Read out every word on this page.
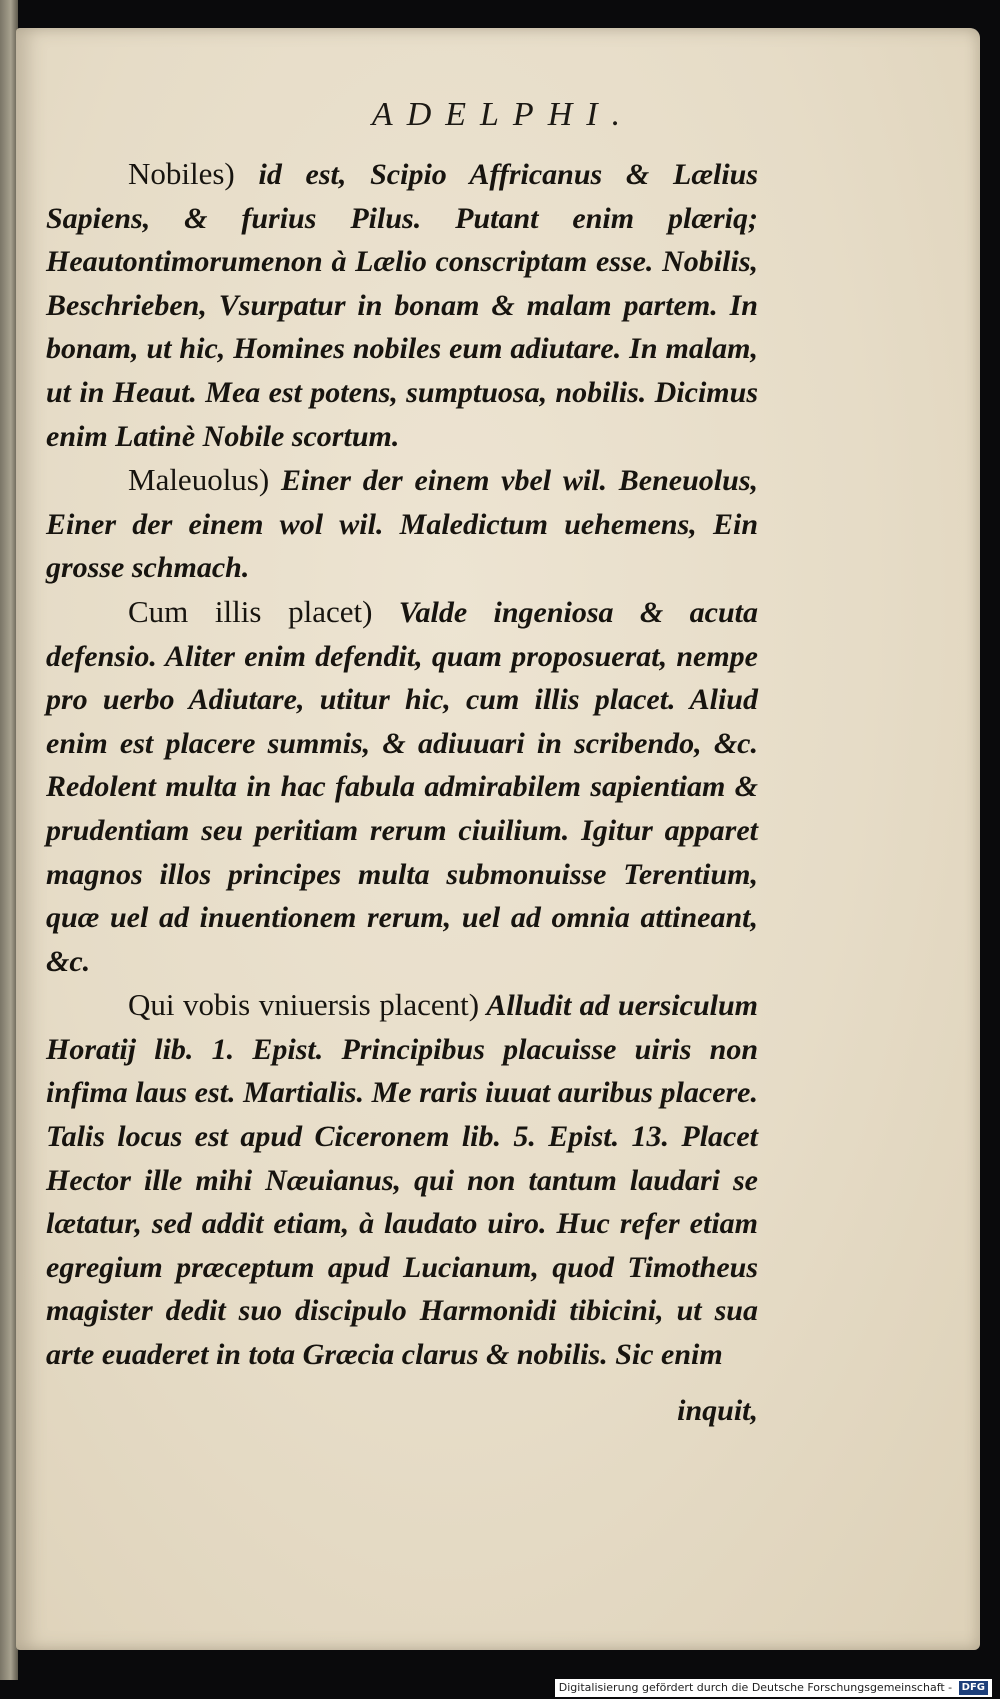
ADELPHI.

Nobiles) id est, Scipio Affricanus & Lælius Sapiens, & furius Pilus. Putant enim plæriq; Heautontimorumenon à Lælio conscriptam esse. Nobilis, Beschrieben, Vsurpatur in bonam & malam partem. In bonam, ut hic, Homines nobiles eum adiutare. In malam, ut in Heaut. Mea est potens, sumptuosa, nobilis. Dicimus enim Latinè Nobile scortum.

Maleuolus) Einer der einem vbel wil. Beneuolus, Einer der einem wol wil. Maledictum uehemens, Ein grosse schmach.

Cum illis placet) Valde ingeniosa & acuta defensio. Aliter enim defendit, quam proposuerat, nempe pro uerbo Adiutare, utitur hic, cum illis placet. Aliud enim est placere summis, & adiuuari in scribendo, &c. Redolent multa in hac fabula admirabilem sapientiam & prudentiam seu peritiam rerum ciuilium. Igitur apparet magnos illos principes multa submonuisse Terentium, quæ uel ad inuentionem rerum, uel ad omnia attineant, &c.

Qui vobis vniuersis placent) Alludit ad uersiculum Horatij lib. 1. Epist. Principibus placuisse uiris non infima laus est. Martialis. Me raris iuuat auribus placere. Talis locus est apud Ciceronem lib. 5. Epist. 13. Placet Hector ille mihi Næuianus, qui non tantum laudari se lætatur, sed addit etiam, à laudato uiro. Huc refer etiam egregium præceptum apud Lucianum, quod Timotheus magister dedit suo discipulo Harmonidi tibicini, ut sua arte euaderet in tota Græcia clarus & nobilis. Sic enim

inquit,
Digitalisierung gefördert durch die Deutsche Forschungsgemeinschaft - DFG
